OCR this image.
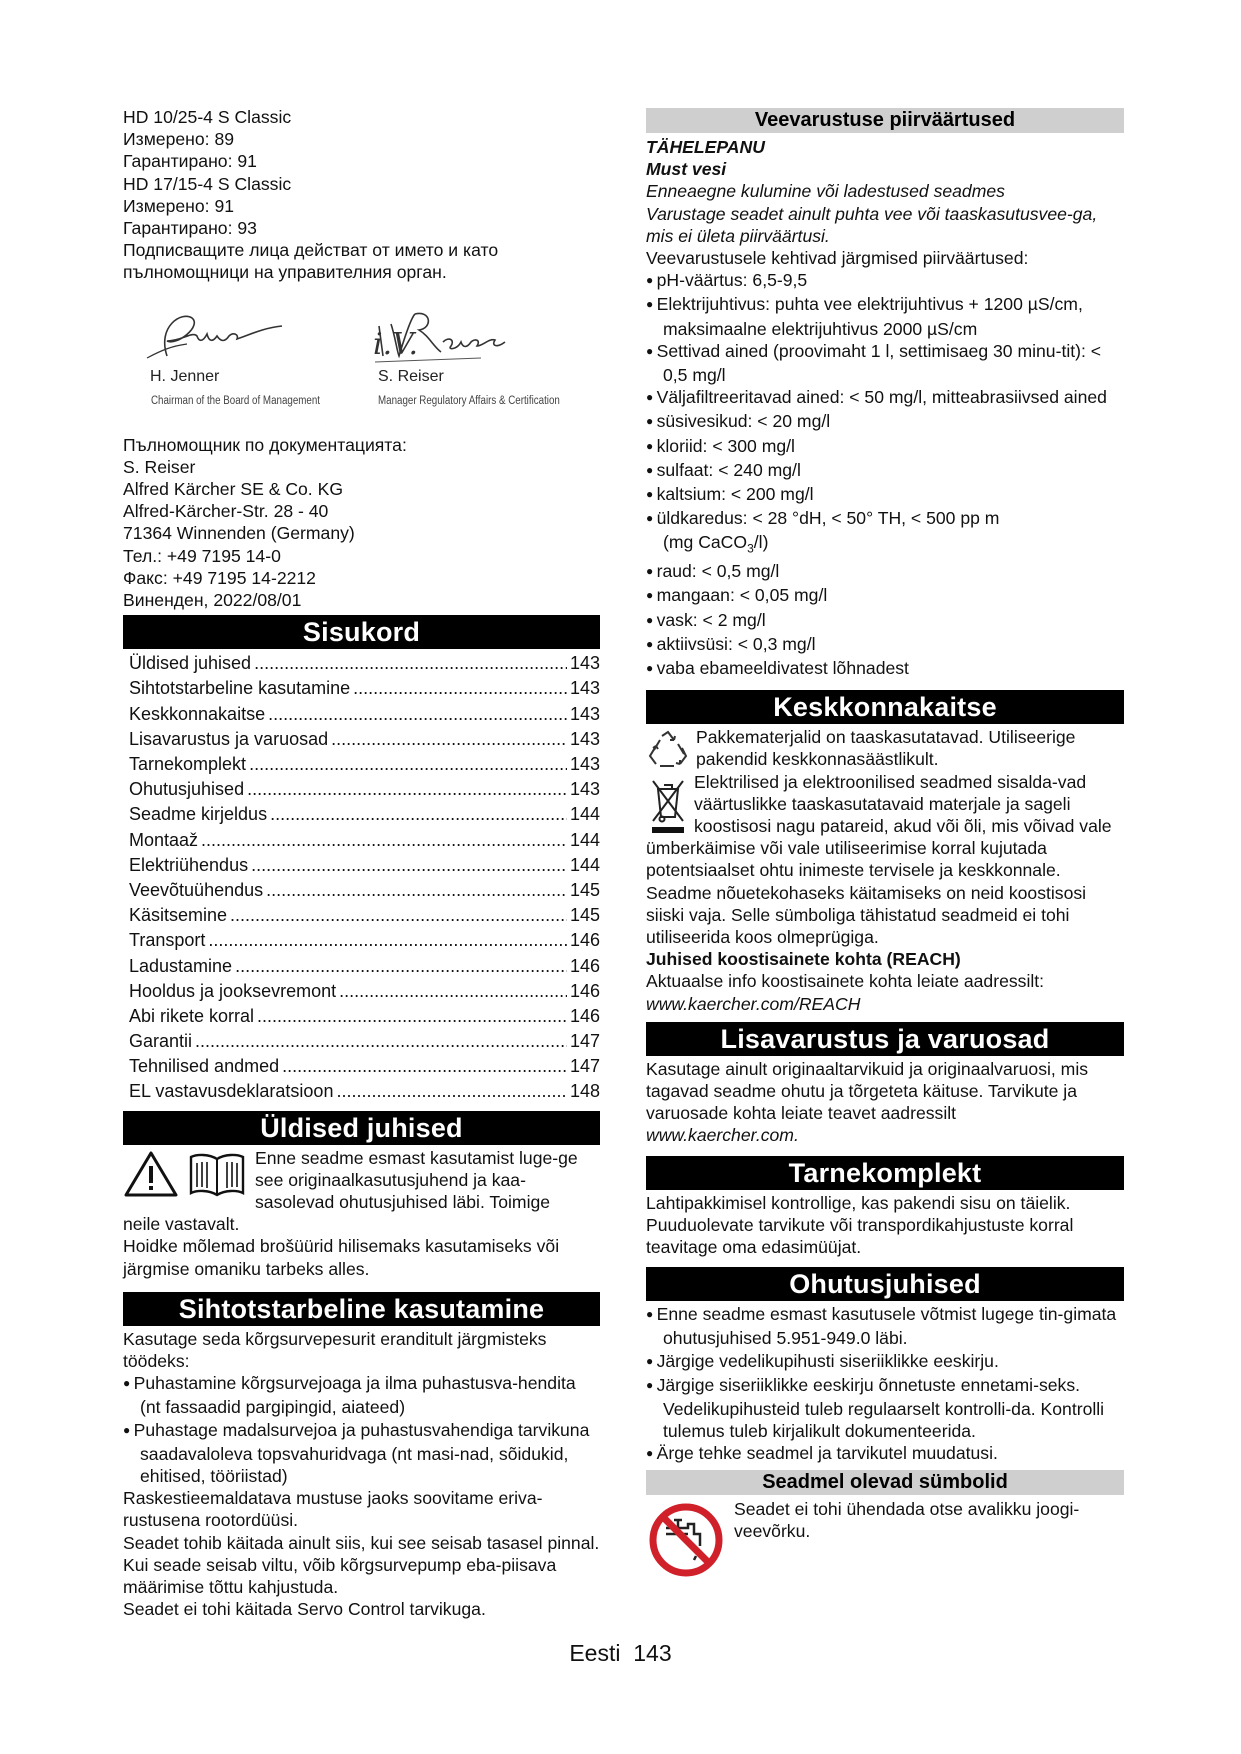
HD 10/25-4 S Classic

Измерено: 89

Гарантирано: 91

HD 17/15-4 S Classic

Измерено: 91

Гарантирано: 93

Подписващите лица действат от името и като

пълномощници на управителния орган.

H. Jenner
Chairman of the Board of Management
i.V.
S. Reiser
Manager Regulatory Affairs & Certification

Пълномощник по документацията:

S. Reiser

Alfred Kärcher SE & Co. KG

Alfred-Kärcher-Str. 28 - 40

71364 Winnenden (Germany)

Тел.: +49 7195 14-0

Факс: +49 7195 14-2212

Виненден, 2022/08/01

Sisukord
Üldised juhised .....	143
Sihtotstarbeline kasutamine .....	143
Keskkonnakaitse .....	143
Lisavarustus ja varuosad .....	143
Tarnekomplekt .....	143
Ohutusjuhised .....	143
Seadme kirjeldus .....	144
Montaaž .....	144
Elektriühendus .....	144
Veevõtuühendus .....	145
Käsitsemine .....	145
Transport .....	146
Ladustamine .....	146
Hooldus ja jooksevremont .....	146
Abi rikete korral .....	146
Garantii .....	147
Tehnilised andmed .....	147
EL vastavusdeklaratsioon .....	148
Üldised juhised

Enne seadme esmast kasutamist luge-ge see originaalkasutusjuhend ja kaa-sasolevad ohutusjuhised läbi. Toimige

neile vastavalt.

Hoidke mõlemad brošüürid hilisemaks kasutamiseks või järgmise omaniku tarbeks alles.

Sihtotstarbeline kasutamine

Kasutage seda kõrgsurvepesurit eranditult järgmisteks töödeks:

● Puhastamine kõrgsurvejoaga ja ilma puhastusva-hendita (nt fassaadid pargipingid, aiateed)

● Puhastage madalsurvejoa ja puhastusvahendiga tarvikuna saadavaloleva topsvahuridvaga (nt masi-nad, sõidukid, ehitised, tööriistad)

Raskestieemaldatava mustuse jaoks soovitame eriva-rustusena rootordüüsi.

Seadet tohib käitada ainult siis, kui see seisab tasasel pinnal. Kui seade seisab viltu, võib kõrgsurvepump eba-piisava määrimise tõttu kahjustuda.

Seadet ei tohi käitada Servo Control tarvikuga.

Veevarustuse piirväärtused

TÄHELEPANU

Must vesi

Enneaegne kulumine või ladestused seadmes

Varustage seadet ainult puhta vee või taaskasutusvee-ga, mis ei ületa piirväärtusi.

Veevarustusele kehtivad järgmised piirväärtused:

● pH-väärtus: 6,5-9,5

● Elektrijuhtivus: puhta vee elektrijuhtivus + 1200 µS/cm, maksimaalne elektrijuhtivus 2000 µS/cm

● Settivad ained (proovimaht 1 l, settimisaeg 30 minu-tit): < 0,5 mg/l

● Väljafiltreeritavad ained: < 50 mg/l, mitteabrasiivsed ained

● süsivesikud: < 20 mg/l

● kloriid: < 300 mg/l

● sulfaat: < 240 mg/l

● kaltsium: < 200 mg/l

● üldkaredus: < 28 °dH, < 50° TH, < 500 pp m
(mg CaCO$_3$/l)

● raud: < 0,5 mg/l

● mangaan: < 0,05 mg/l

● vask: < 2 mg/l

● aktiivsüsi: < 0,3 mg/l

● vaba ebameeldivatest lõhnadest

Keskkonnakaitse

Pakkematerjalid on taaskasutatavad. Utiliseerige pakendid keskkonnasäästlikult.

Elektrilised ja elektroonilised seadmed sisalda-vad väärtuslikke taaskasutatavaid materjale ja sageli koostisosi nagu patareid, akud või õli, mis võivad vale ümberkäimise või vale utiliseerimise korral kujutada potentsiaalset ohtu inimeste tervisele ja keskkonnale. Seadme nõuetekohaseks käitamiseks on neid koostisosi siiski vaja. Selle sümboliga tähistatud seadmeid ei tohi utiliseerida koos olmeprügiga.

Juhised koostisainete kohta (REACH)

Aktuaalse info koostisainete kohta leiate aadressilt:

www.kaercher.com/REACH

Lisavarustus ja varuosad

Kasutage ainult originaaltarvikuid ja originaalvaruosi, mis tagavad seadme ohutu ja tõrgeteta käituse. Tarvikute ja varuosade kohta leiate teavet aadressilt

www.kaercher.com.

Tarnekomplekt

Lahtipakkimisel kontrollige, kas pakendi sisu on täielik. Puuduolevate tarvikute või transpordikahjustuste korral teavitage oma edasimüüjat.

Ohutusjuhised

● Enne seadme esmast kasutusele võtmist lugege tin-gimata ohutusjuhised 5.951-949.0 läbi.

● Järgige vedelikupihusti siseriiklikke eeskirju.

● Järgige siseriiklikke eeskirju õnnetuste ennetami-seks. Vedelikupihusteid tuleb regulaarselt kontrolli-da. Kontrolli tulemus tuleb kirjalikult dokumenteerida.

● Ärge tehke seadmel ja tarvikutel muudatusi.

Seadmel olevad sümbolid

Seadet ei tohi ühendada otse avalikku joogi-veevõrku.

Eesti 143
